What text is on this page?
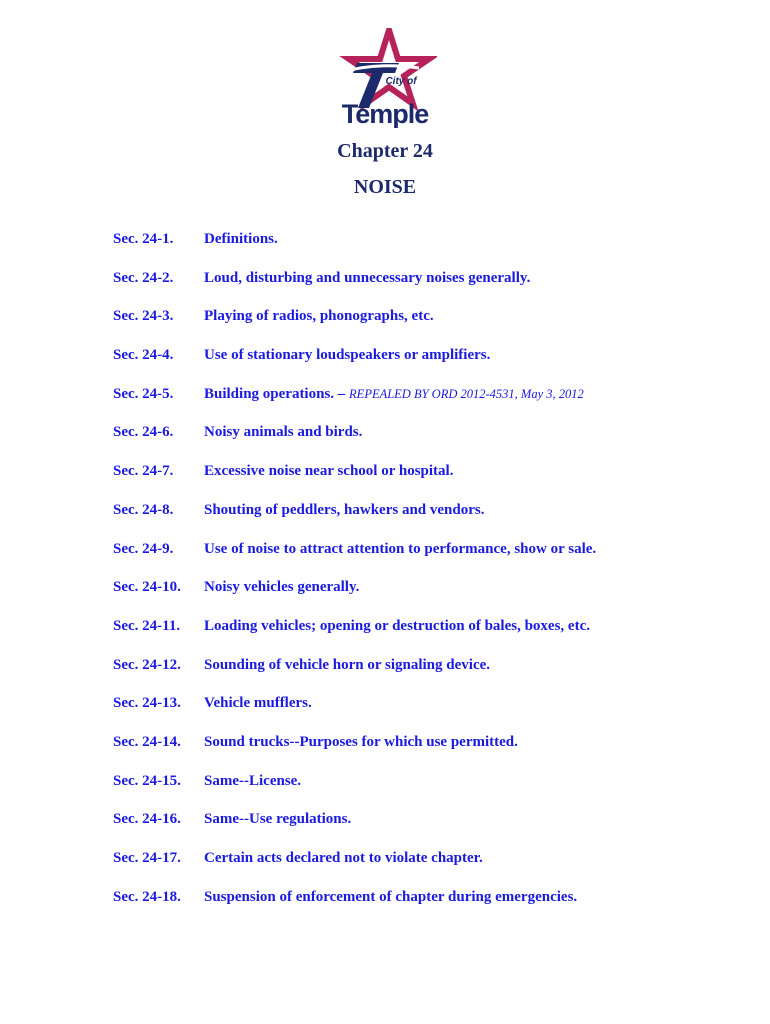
City of
Temple
Chapter 24
NOISE
Sec. 24-1.	Definitions.
Sec. 24-2.	Loud, disturbing and unnecessary noises generally.
Sec. 24-3.	Playing of radios, phonographs, etc.
Sec. 24-4.	Use of stationary loudspeakers or amplifiers.
Sec. 24-5.	Building operations. – REPEALED BY ORD 2012-4531, May 3, 2012
Sec. 24-6.	Noisy animals and birds.
Sec. 24-7.	Excessive noise near school or hospital.
Sec. 24-8.	Shouting of peddlers, hawkers and vendors.
Sec. 24-9.	Use of noise to attract attention to performance, show or sale.
Sec. 24-10.	Noisy vehicles generally.
Sec. 24-11.	Loading vehicles; opening or destruction of bales, boxes, etc.
Sec. 24-12.	Sounding of vehicle horn or signaling device.
Sec. 24-13.	Vehicle mufflers.
Sec. 24-14.	Sound trucks--Purposes for which use permitted.
Sec. 24-15.	Same--License.
Sec. 24-16.	Same--Use regulations.
Sec. 24-17.	Certain acts declared not to violate chapter.
Sec. 24-18.	Suspension of enforcement of chapter during emergencies.
